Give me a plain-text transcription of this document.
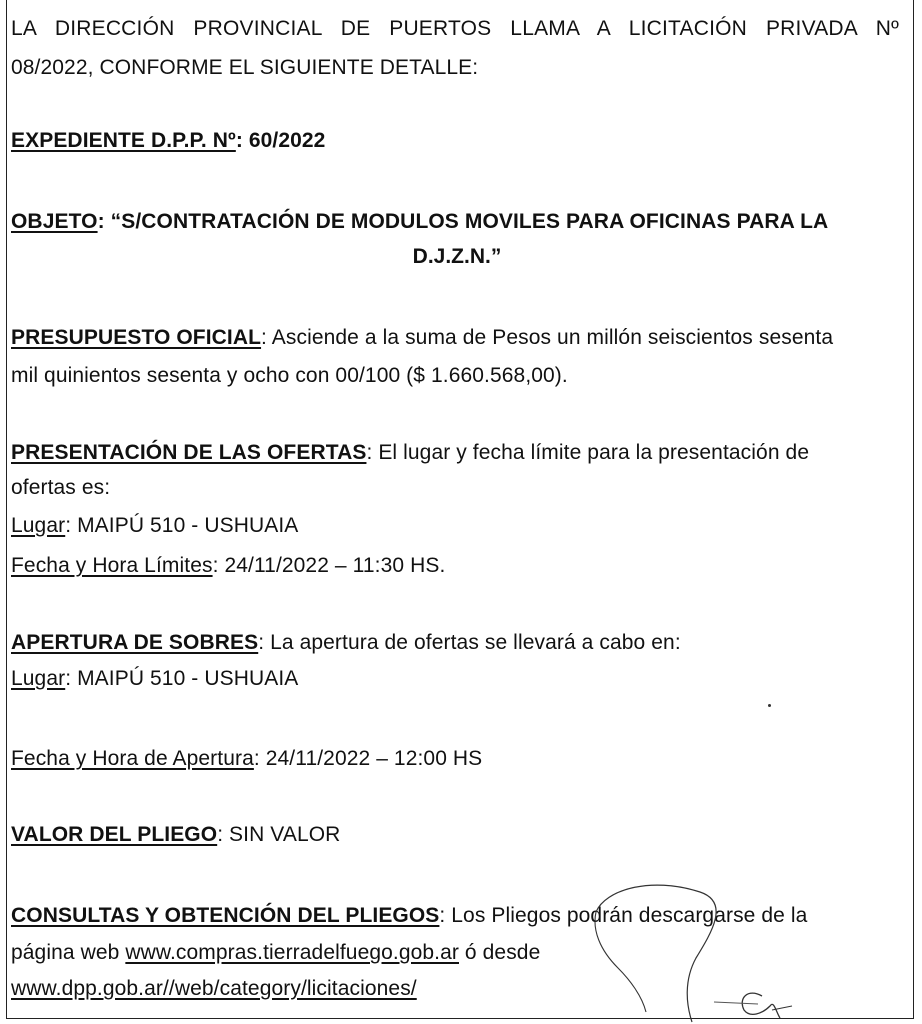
LA DIRECCIÓN PROVINCIAL DE PUERTOS LLAMA A LICITACIÓN PRIVADA Nº
08/2022, CONFORME EL SIGUIENTE DETALLE:
EXPEDIENTE D.P.P. Nº: 60/2022
OBJETO: “S/CONTRATACIÓN DE MODULOS MOVILES PARA OFICINAS PARA LA
D.J.Z.N.”
PRESUPUESTO OFICIAL: Asciende a la suma de Pesos un millón seiscientos sesenta
mil quinientos sesenta y ocho con 00/100 ($ 1.660.568,00).
PRESENTACIÓN DE LAS OFERTAS: El lugar y fecha límite para la presentación de
ofertas es:
Lugar: MAIPÚ 510 - USHUAIA
Fecha y Hora Límites: 24/11/2022 – 11:30 HS.
APERTURA DE SOBRES: La apertura de ofertas se llevará a cabo en:
Lugar: MAIPÚ 510 - USHUAIA
Fecha y Hora de Apertura: 24/11/2022 – 12:00 HS
VALOR DEL PLIEGO: SIN VALOR
CONSULTAS Y OBTENCIÓN DEL PLIEGOS: Los Pliegos podrán descargarse de la
página web www.compras.tierradelfuego.gob.ar ó desde
www.dpp.gob.ar//web/category/licitaciones/
